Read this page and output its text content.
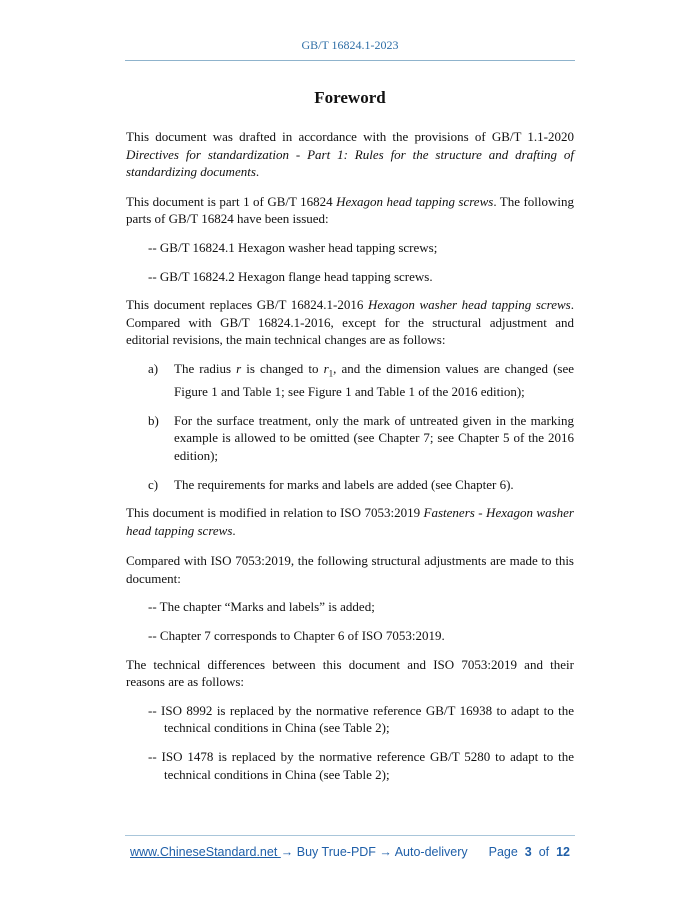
GB/T 16824.1-2023
Foreword

This document was drafted in accordance with the provisions of GB/T 1.1-2020 Directives for standardization - Part 1: Rules for the structure and drafting of standardizing documents.

This document is part 1 of GB/T 16824 Hexagon head tapping screws. The following parts of GB/T 16824 have been issued:

-- GB/T 16824.1 Hexagon washer head tapping screws;

-- GB/T 16824.2 Hexagon flange head tapping screws.

This document replaces GB/T 16824.1-2016 Hexagon washer head tapping screws. Compared with GB/T 16824.1-2016, except for the structural adjustment and editorial revisions, the main technical changes are as follows:

a)	The radius r is changed to $r_1$, and the dimension values are changed (see Figure 1 and Table 1; see Figure 1 and Table 1 of the 2016 edition);
b)	For the surface treatment, only the mark of untreated given in the marking example is allowed to be omitted (see Chapter 7; see Chapter 5 of the 2016 edition);
c)	The requirements for marks and labels are added (see Chapter 6).

This document is modified in relation to ISO 7053:2019 Fasteners - Hexagon washer head tapping screws.

Compared with ISO 7053:2019, the following structural adjustments are made to this document:

-- The chapter “Marks and labels” is added;

-- Chapter 7 corresponds to Chapter 6 of ISO 7053:2019.

The technical differences between this document and ISO 7053:2019 and their reasons are as follows:

-- ISO 8992 is replaced by the normative reference GB/T 16938 to adapt to the technical conditions in China (see Table 2);

-- ISO 1478 is replaced by the normative reference GB/T 5280 to adapt to the technical conditions in China (see Table 2);

www.ChineseStandard.net → Buy True-PDF → Auto-delivery Page 3 of 12
